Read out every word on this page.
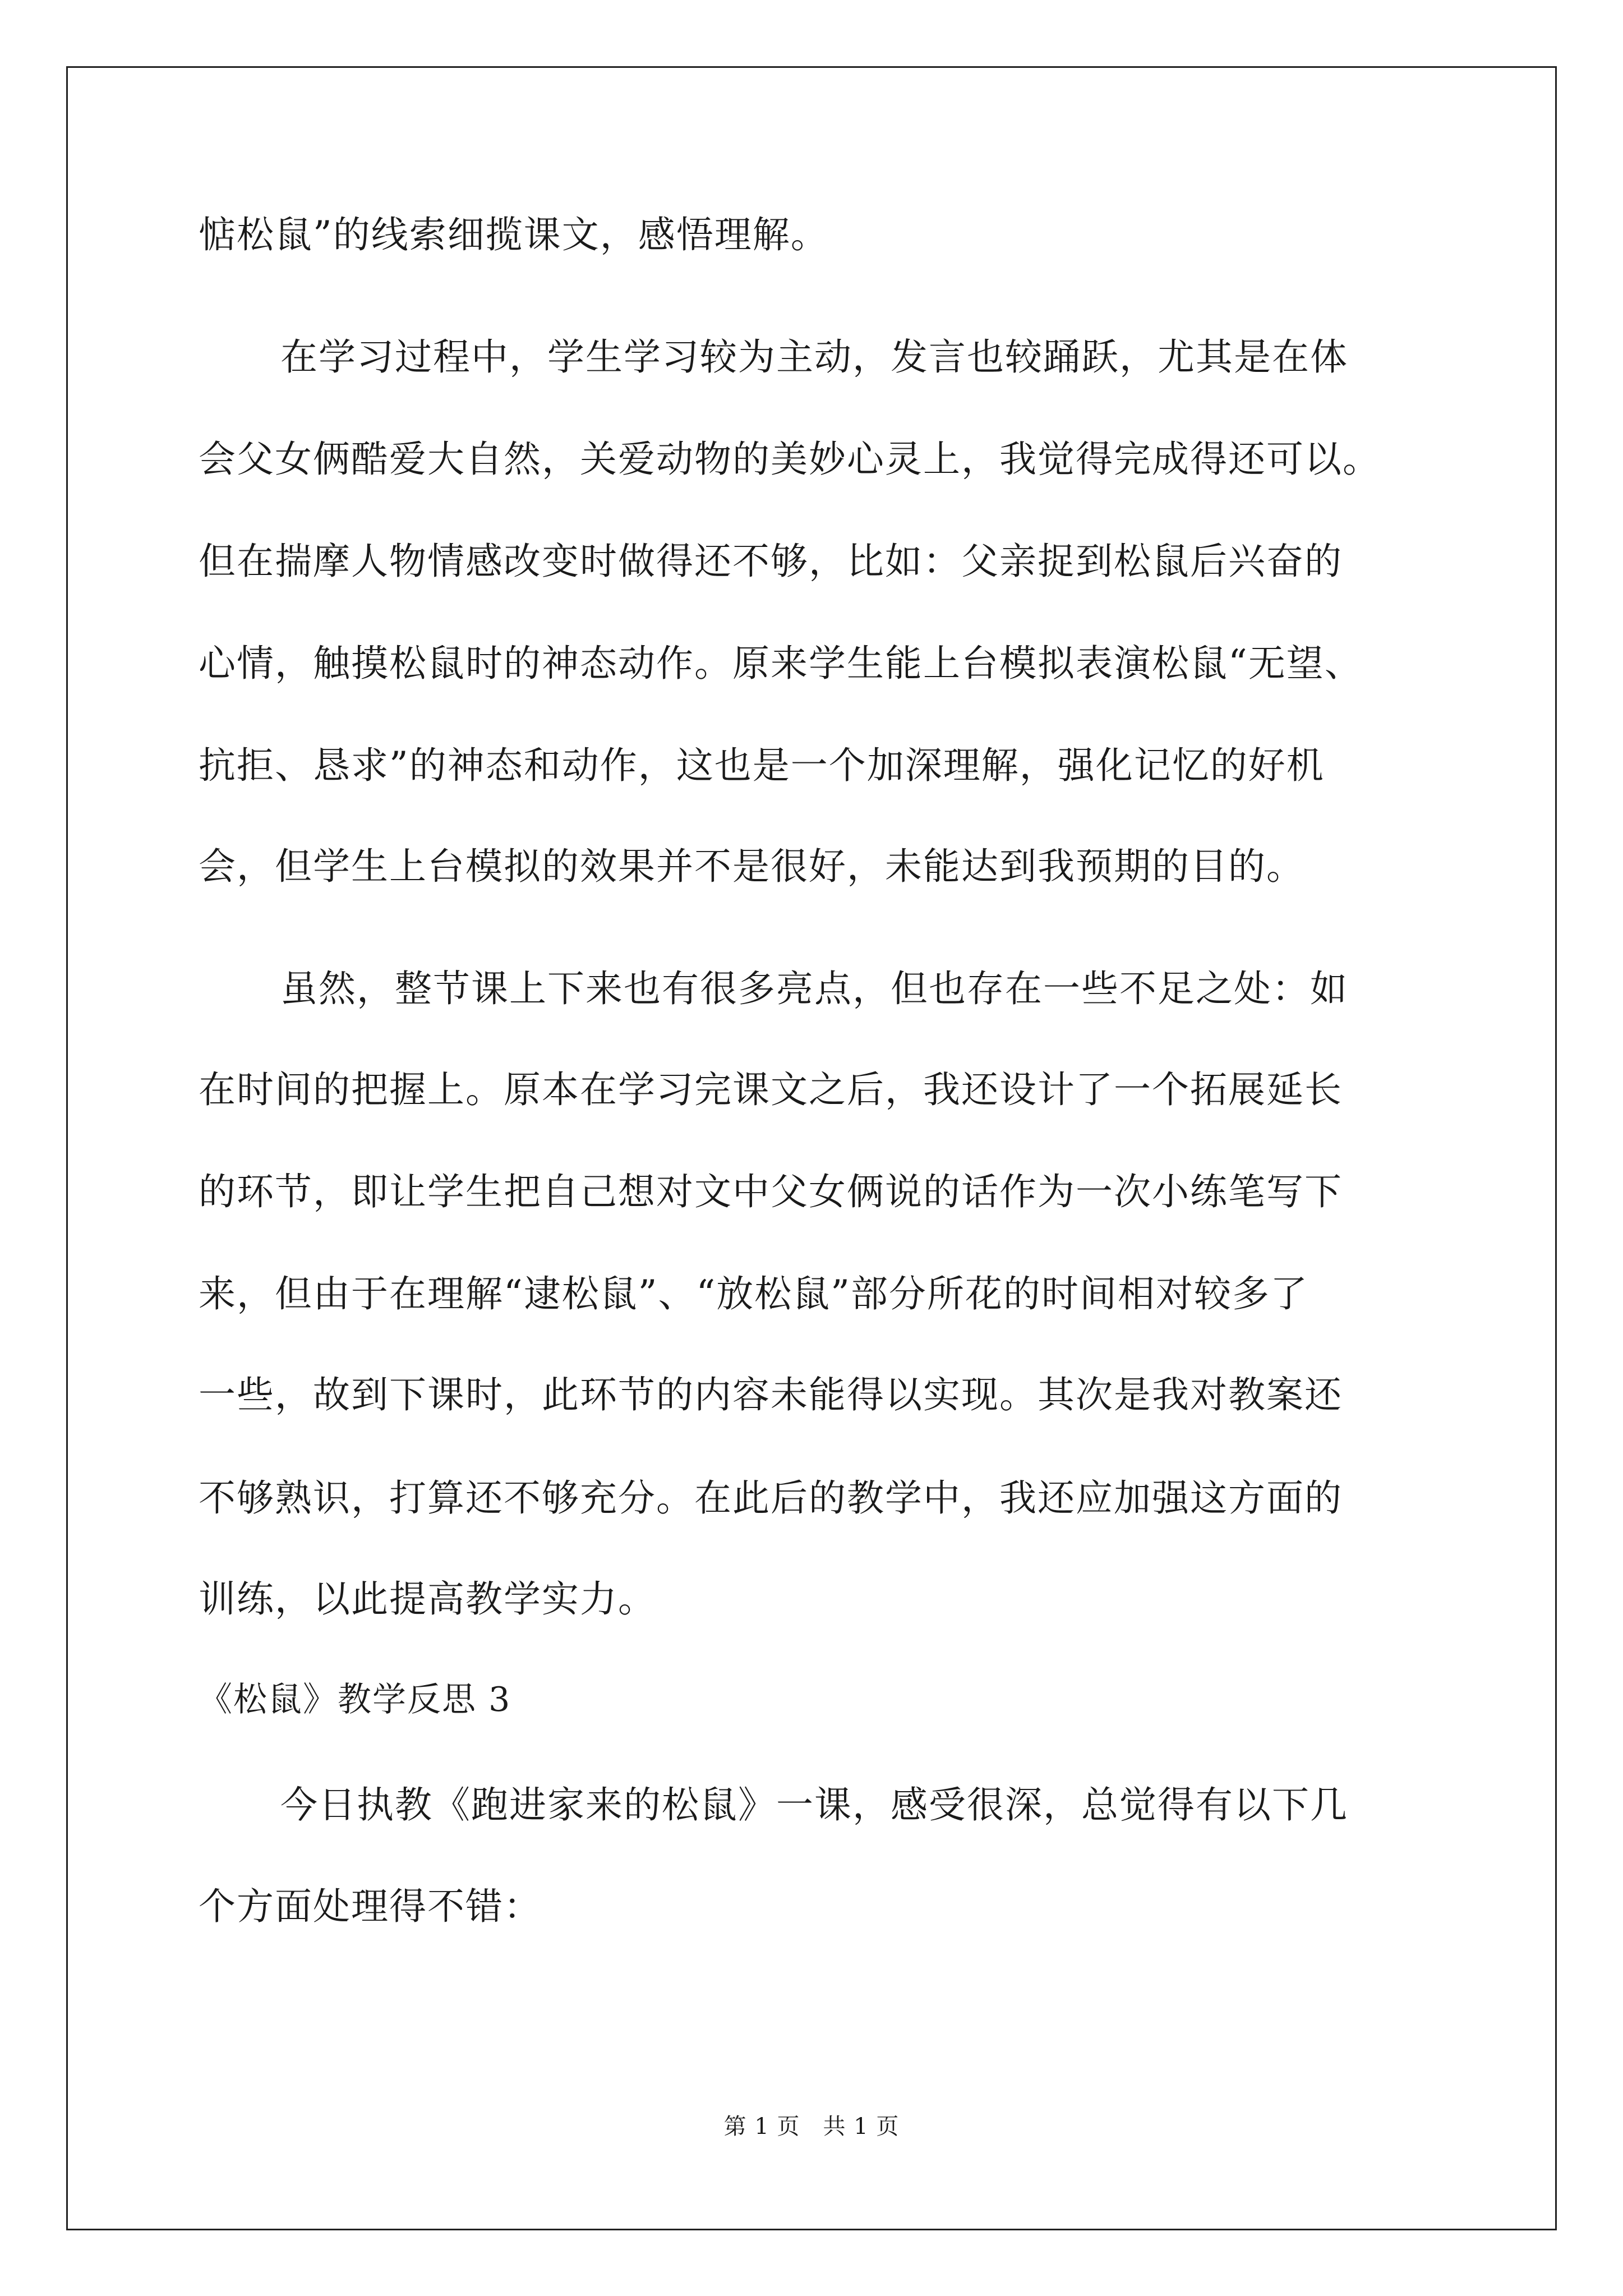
惦松鼠”的线索细揽课文，感悟理解。

在学习过程中，学生学习较为主动，发言也较踊跃，尤其是在体

会父女俩酷爱大自然，关爱动物的美妙心灵上，我觉得完成得还可以。

但在揣摩人物情感改变时做得还不够，比如：父亲捉到松鼠后兴奋的

心情，触摸松鼠时的神态动作。原来学生能上台模拟表演松鼠“无望、

抗拒、恳求”的神态和动作，这也是一个加深理解，强化记忆的好机

会，但学生上台模拟的效果并不是很好，未能达到我预期的目的。

虽然，整节课上下来也有很多亮点，但也存在一些不足之处：如

在时间的把握上。原本在学习完课文之后，我还设计了一个拓展延长

的环节，即让学生把自己想对文中父女俩说的话作为一次小练笔写下

来，但由于在理解“逮松鼠”、“放松鼠”部分所花的时间相对较多了

一些，故到下课时，此环节的内容未能得以实现。其次是我对教案还

不够熟识，打算还不够充分。在此后的教学中，我还应加强这方面的

训练，以此提高教学实力。

《松鼠》教学反思 3

今日执教《跑进家来的松鼠》一课，感受很深，总觉得有以下几

个方面处理得不错：

第 1 页　共 1 页
